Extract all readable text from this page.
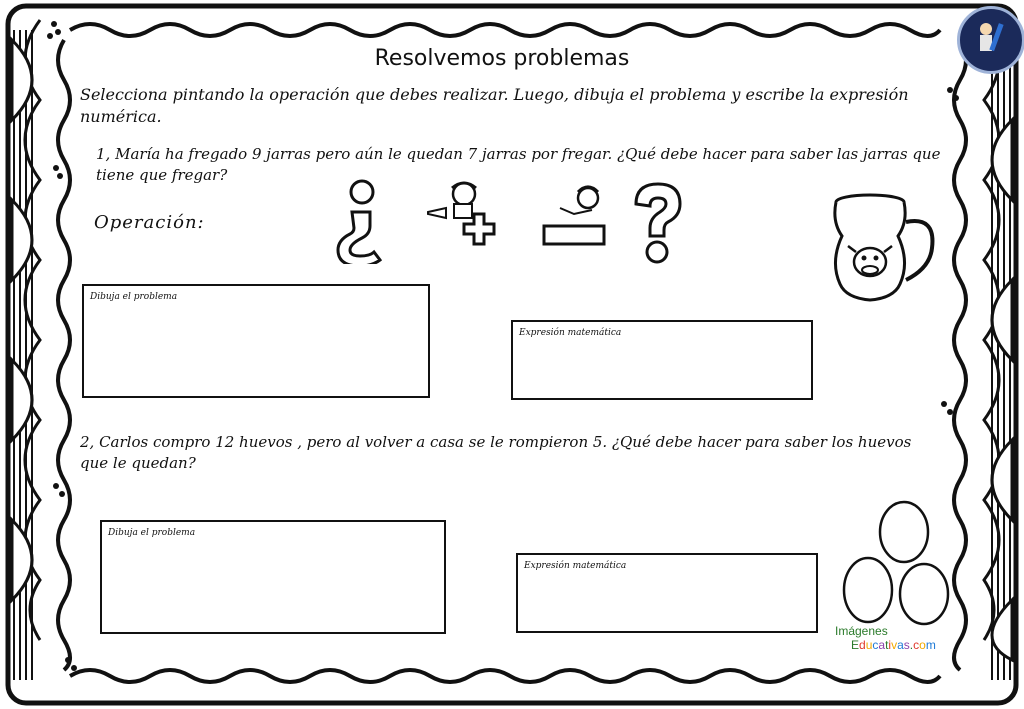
Resolvemos problemas
Selecciona pintando la operación que debes realizar. Luego, dibuja el problema y escribe la expresión numérica.
1, María ha fregado 9 jarras pero aún le quedan 7 jarras por fregar. ¿Qué debe hacer para saber las jarras que tiene que fregar?
Operación:
Dibuja el problema
Expresión matemática
2, Carlos compro 12 huevos , pero al volver a casa se le rompieron 5. ¿Qué debe hacer para saber los huevos que le quedan?
Dibuja el problema
Expresión matemática
Imágenes
Educativas.com
